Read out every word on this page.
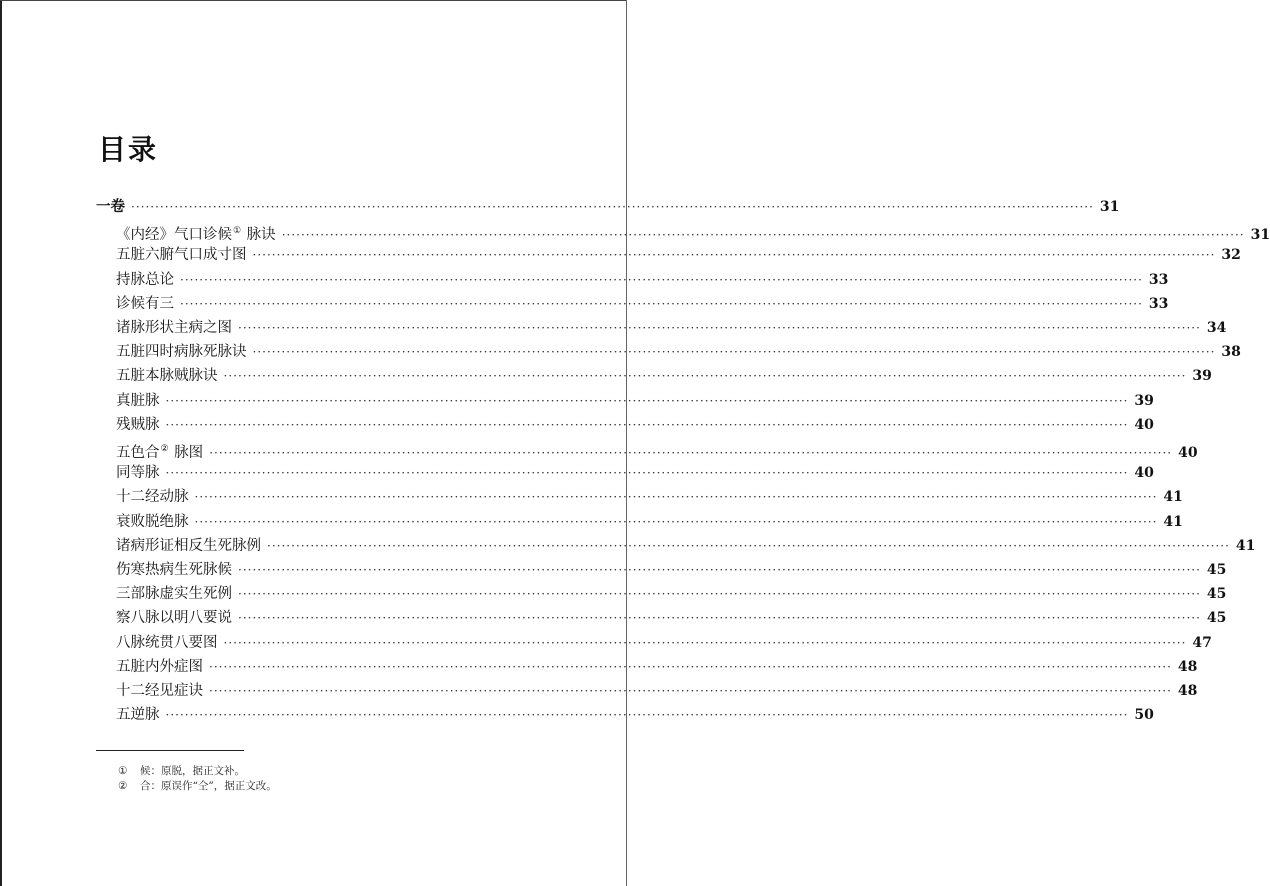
目录
一卷 ········································································································································································································ 31
《内经》气口诊候① 脉诀 ········································································································································································································ 31
五脏六腑气口成寸图 ········································································································································································································ 32
持脉总论 ········································································································································································································ 33
诊候有三 ········································································································································································································ 33
诸脉形状主病之图 ········································································································································································································ 34
五脏四时病脉死脉诀 ········································································································································································································ 38
五脏本脉贼脉诀 ········································································································································································································ 39
真脏脉 ········································································································································································································ 39
残贼脉 ········································································································································································································ 40
五色合② 脉图 ········································································································································································································ 40
同等脉 ········································································································································································································ 40
十二经动脉 ········································································································································································································ 41
衰败脱绝脉 ········································································································································································································ 41
诸病形证相反生死脉例 ········································································································································································································ 41
伤寒热病生死脉候 ········································································································································································································ 45
三部脉虚实生死例 ········································································································································································································ 45
察八脉以明八要说 ········································································································································································································ 45
八脉统贯八要图 ········································································································································································································ 47
五脏内外症图 ········································································································································································································ 48
十二经见症诀 ········································································································································································································ 48
五逆脉 ········································································································································································································ 50
①	候：原脱，据正文补。
②	合：原误作“仝”，据正文改。
